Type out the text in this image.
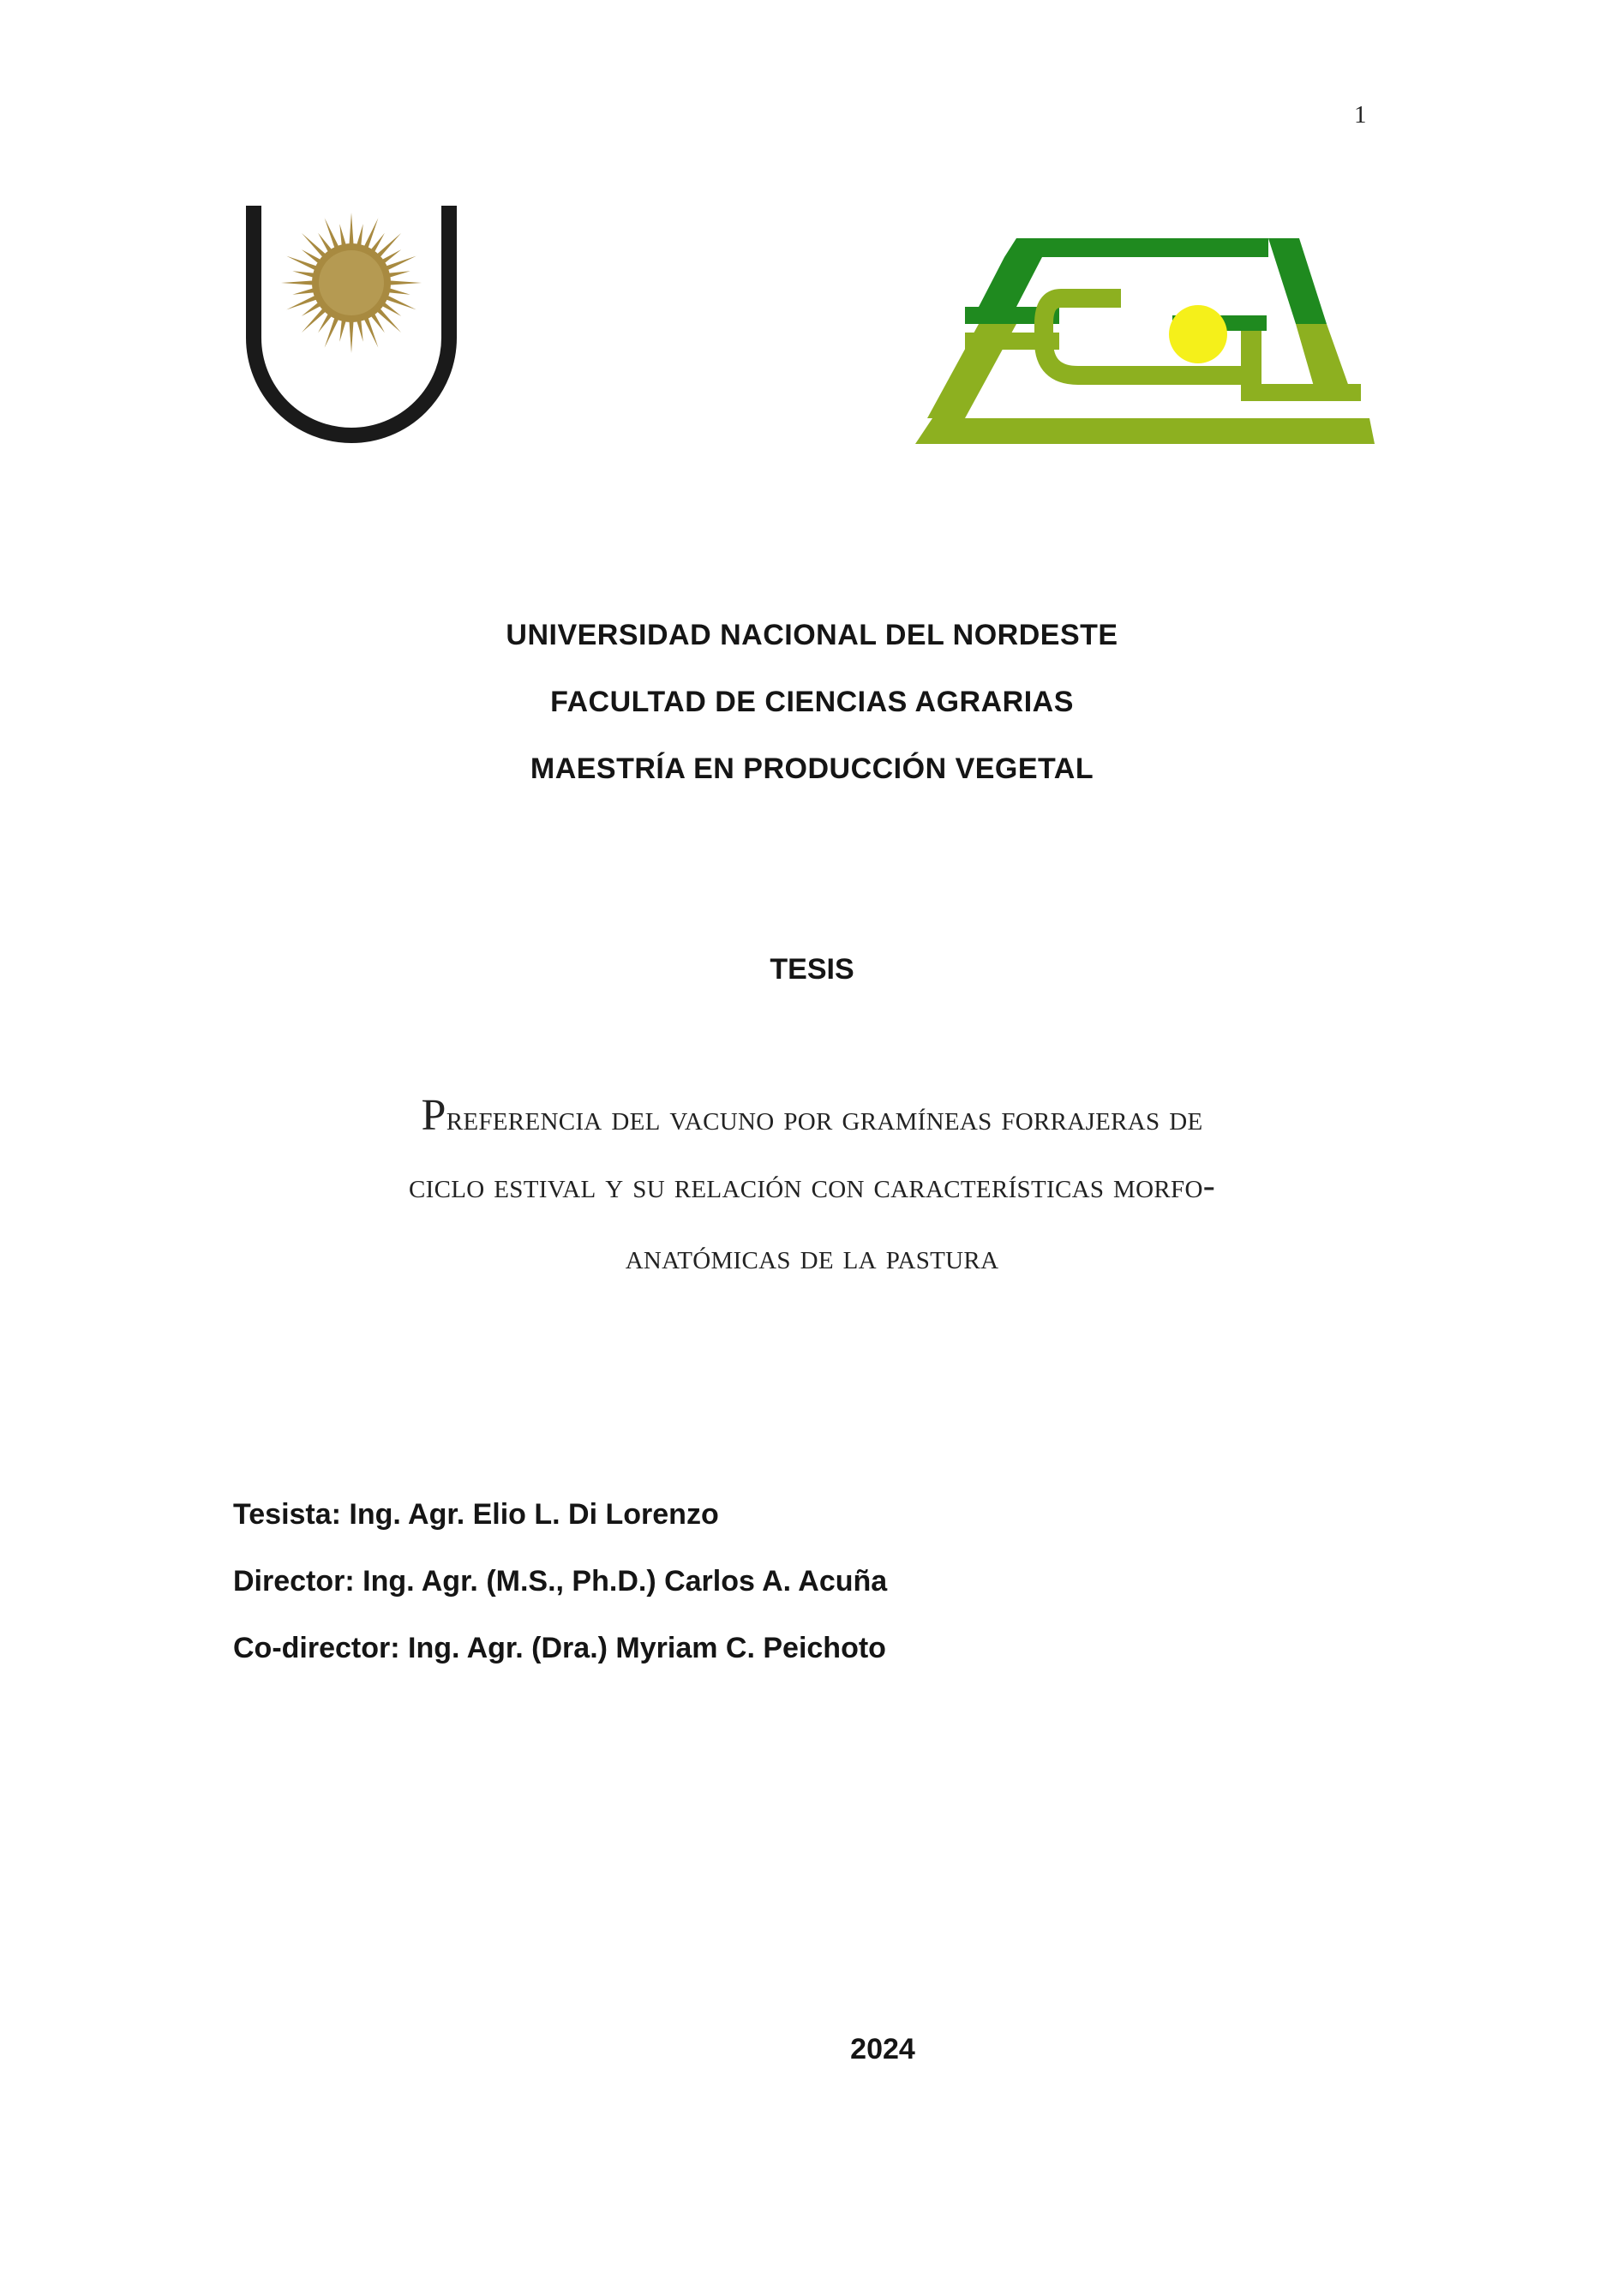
1
UNIVERSIDAD NACIONAL DEL NORDESTE
FACULTAD DE CIENCIAS AGRARIAS
MAESTRÍA EN PRODUCCIÓN VEGETAL
TESIS
Preferencia del vacuno por gramíneas forrajeras de
ciclo estival y su relación con características morfo-
anatómicas de la pastura
Tesista: Ing. Agr. Elio L. Di Lorenzo
Director: Ing. Agr. (M.S., Ph.D.) Carlos A. Acuña
Co-director: Ing. Agr. (Dra.) Myriam C. Peichoto
2024
